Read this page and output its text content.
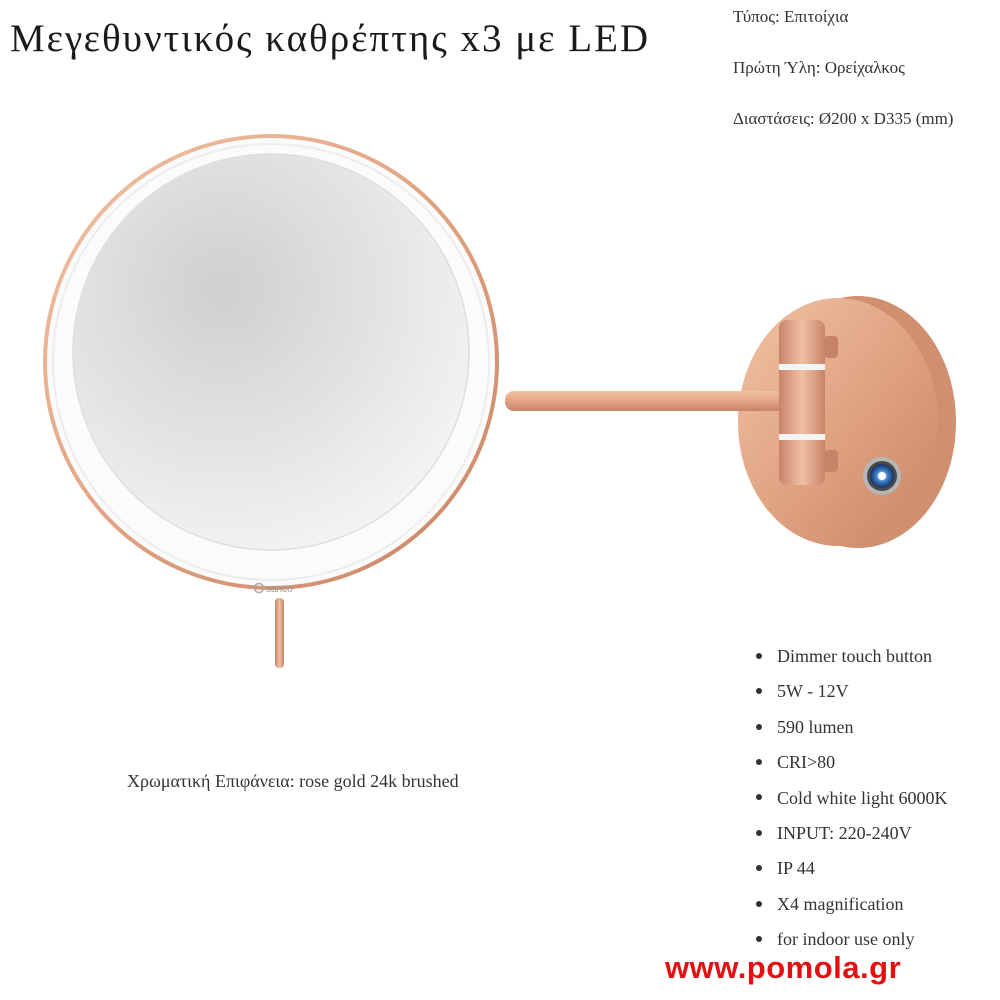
Μεγεθυντικός καθρέπτης x3 με LED
Τύπος: Επιτοίχια
Πρώτη Ύλη: Ορείχαλκος
Διαστάσεις: Ø200 x D335 (mm)
sanco
Χρωματική Επιφάνεια: rose gold 24k brushed
Dimmer touch button
5W - 12V
590 lumen
CRI>80
Cold white light 6000K
INPUT: 220-240V
IP 44
X4 magnification
for indoor use only
www.pomola.gr
